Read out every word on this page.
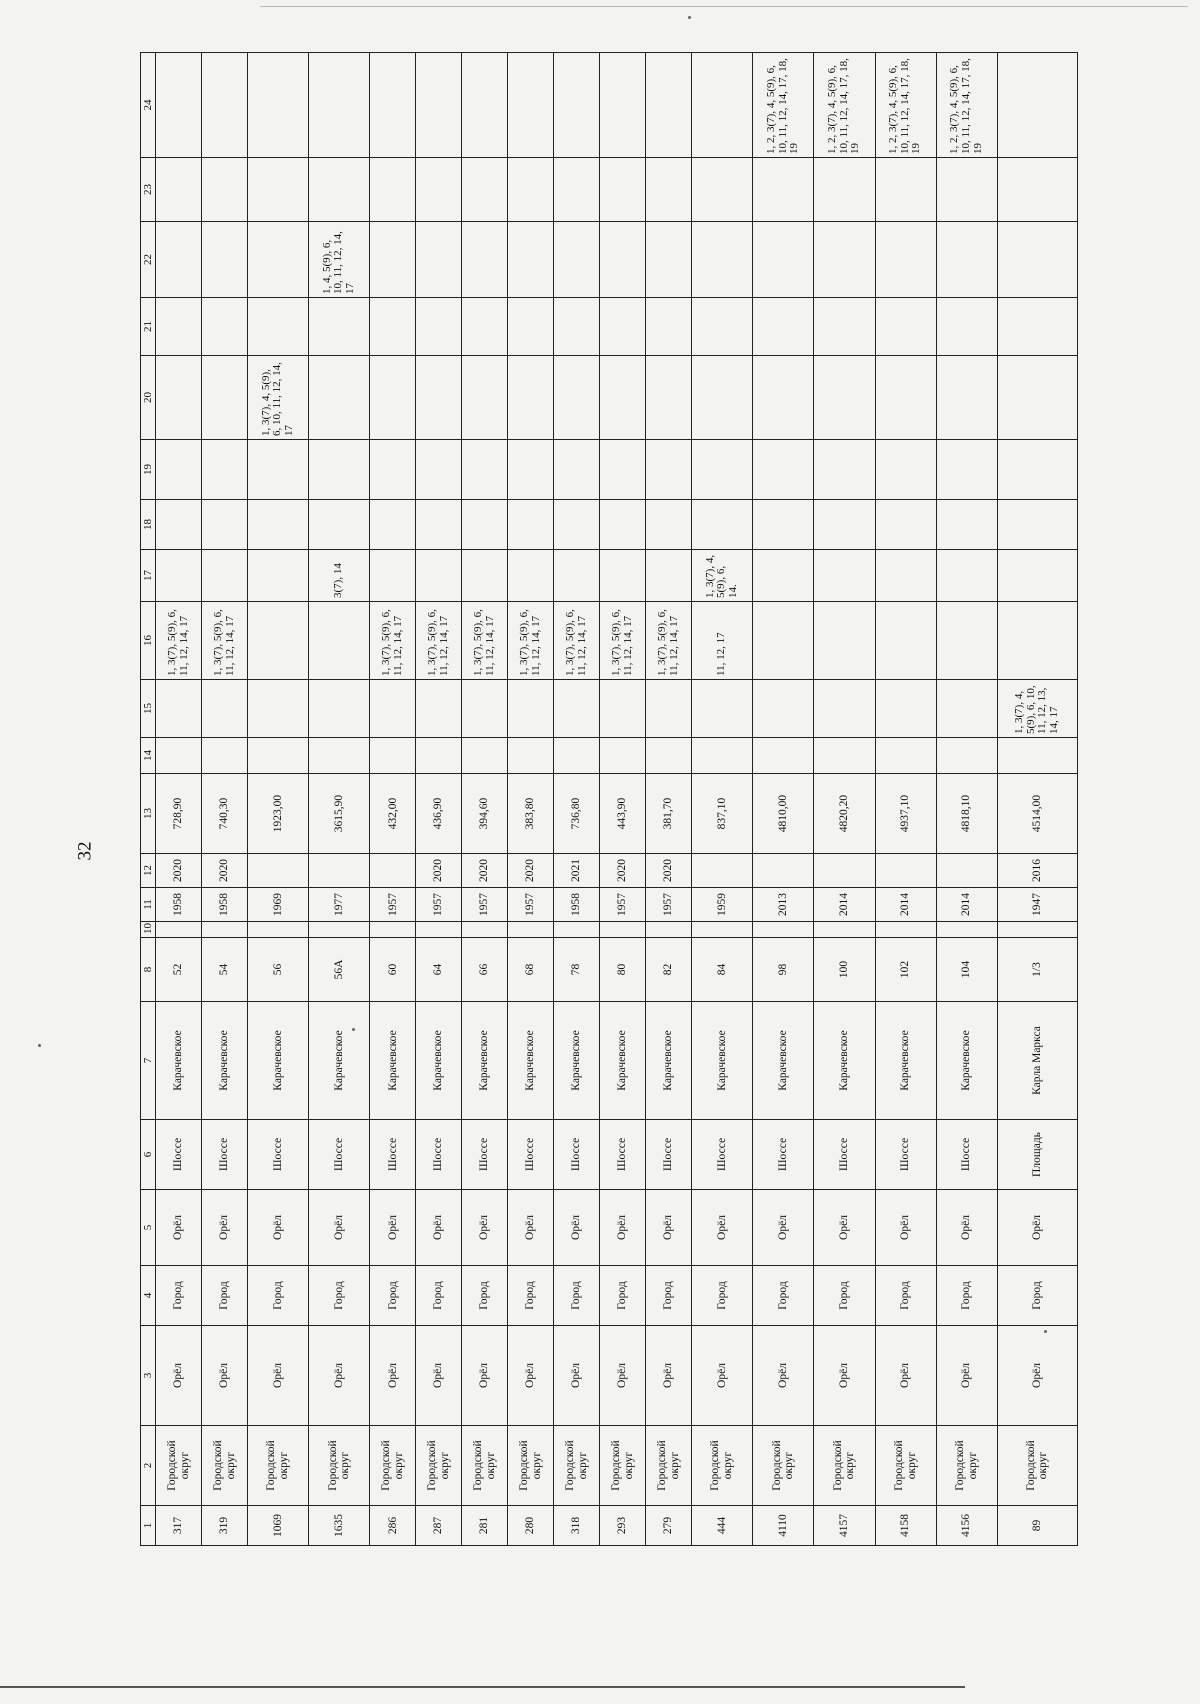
32
1	2	3	4	5	6	7	8	10	11	12	13	14	15	16	17	18	19	20	21	22	23	24
317	Городской округ	Орёл	Город	Орёл	Шоссе	Карачевское	52		1958	2020	728,90			1, 3(7), 5(9), 6, 11, 12, 14, 17								
319	Городской округ	Орёл	Город	Орёл	Шоссе	Карачевское	54		1958	2020	740,30			1, 3(7), 5(9), 6, 11, 12, 14, 17								
1069	Городской округ	Орёл	Город	Орёл	Шоссе	Карачевское	56		1969		1923,00							1, 3(7), 4, 5(9), 6, 10, 11, 12, 14, 17				
1635	Городской округ	Орёл	Город	Орёл	Шоссе	Карачевское	56А		1977		3615,90				3(7), 14					1, 4, 5(9), 6, 10, 11, 12, 14, 17		
286	Городской округ	Орёл	Город	Орёл	Шоссе	Карачевское	60		1957		432,00			1, 3(7), 5(9), 6, 11, 12, 14, 17								
287	Городской округ	Орёл	Город	Орёл	Шоссе	Карачевское	64		1957	2020	436,90			1, 3(7), 5(9), 6, 11, 12, 14, 17								
281	Городской округ	Орёл	Город	Орёл	Шоссе	Карачевское	66		1957	2020	394,60			1, 3(7), 5(9), 6, 11, 12, 14, 17								
280	Городской округ	Орёл	Город	Орёл	Шоссе	Карачевское	68		1957	2020	383,80			1, 3(7), 5(9), 6, 11, 12, 14, 17								
318	Городской округ	Орёл	Город	Орёл	Шоссе	Карачевское	78		1958	2021	736,80			1, 3(7), 5(9), 6, 11, 12, 14, 17								
293	Городской округ	Орёл	Город	Орёл	Шоссе	Карачевское	80		1957	2020	443,90			1, 3(7), 5(9), 6, 11, 12, 14, 17								
279	Городской округ	Орёл	Город	Орёл	Шоссе	Карачевское	82		1957	2020	381,70			1, 3(7), 5(9), 6, 11, 12, 14, 17								
444	Городской округ	Орёл	Город	Орёл	Шоссе	Карачевское	84		1959		837,10			11, 12, 17	1, 3(7), 4, 5(9), 6, 14.							
4110	Городской округ	Орёл	Город	Орёл	Шоссе	Карачевское	98		2013		4810,00											1, 2, 3(7), 4, 5(9), 6, 10, 11, 12, 14, 17, 18, 19
4157	Городской округ	Орёл	Город	Орёл	Шоссе	Карачевское	100		2014		4820,20											1, 2, 3(7), 4, 5(9), 6, 10, 11, 12, 14, 17, 18, 19
4158	Городской округ	Орёл	Город	Орёл	Шоссе	Карачевское	102		2014		4937,10											1, 2, 3(7), 4, 5(9), 6, 10, 11, 12, 14, 17, 18, 19
4156	Городской округ	Орёл	Город	Орёл	Шоссе	Карачевское	104		2014		4818,10											1, 2, 3(7), 4, 5(9), 6, 10, 11, 12, 14, 17, 18, 19
89	Городской округ	Орёл	Город	Орёл	Площадь	Карла Маркса	1/3		1947	2016	4514,00		1, 3(7), 4, 5(9), 6, 10, 11, 12, 13, 14, 17									
